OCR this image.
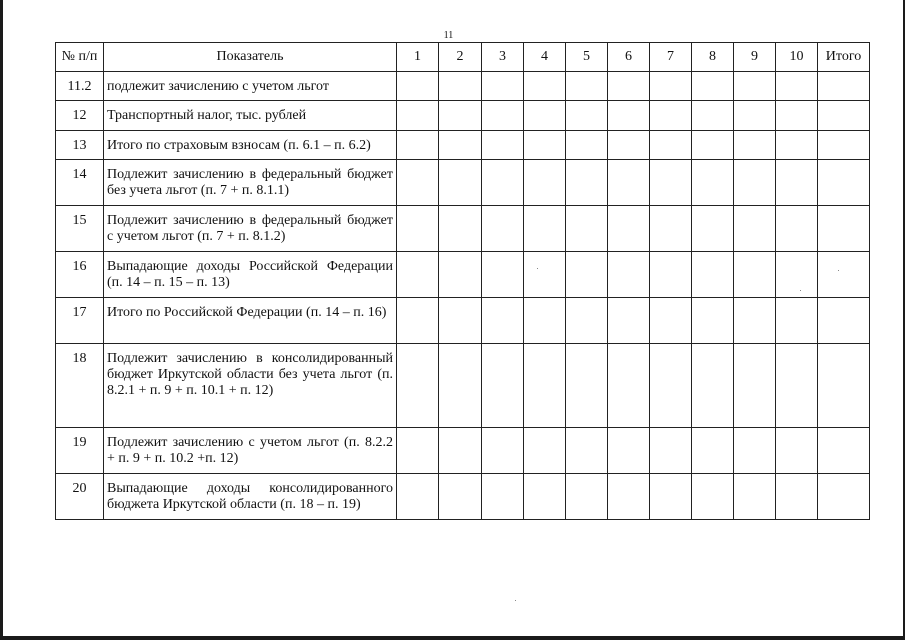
11
№ п/п	Показатель	1	2	3	4	5	6	7	8	9	10	Итого
11.2	подлежит зачислению с учетом льгот											

12	Транспортный налог, тыс. рублей											

13	Итого по страховым взносам (п. 6.1 – п. 6.2)											

14	Подлежит зачислению в федеральный бюджет без учета льгот (п. 7 + п. 8.1.1)											

15	Подлежит зачислению в федеральный бюджет с учетом льгот (п. 7 + п. 8.1.2)											

16	Выпадающие доходы Российской Федерации (п. 14 – п. 15 – п. 13)											

17	Итого по Российской Федерации (п. 14 – п. 16)											

18	Подлежит зачислению в консолидированный бюджет Иркутской области без учета льгот (п. 8.2.1 + п. 9 + п. 10.1 + п. 12)											

19	Подлежит зачислению с учетом льгот (п. 8.2.2 + п. 9 + п. 10.2 +п. 12)											

20	Выпадающие доходы консолидированного бюджета Иркутской области (п. 18 – п. 19)											
